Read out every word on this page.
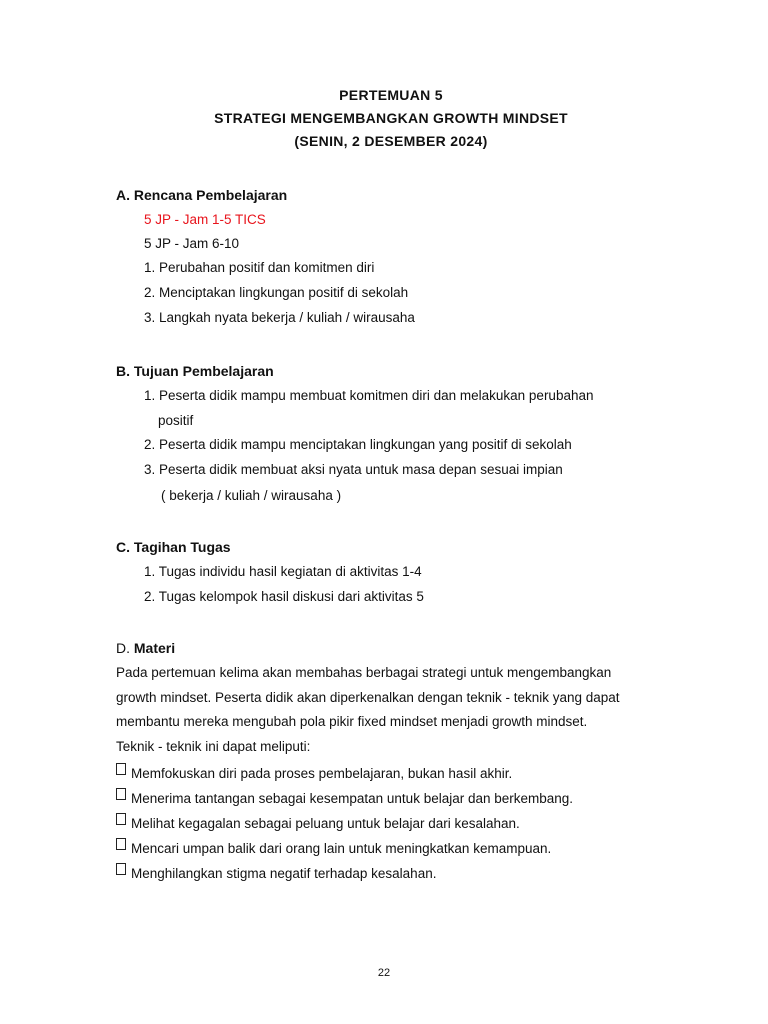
PERTEMUAN 5
STRATEGI MENGEMBANGKAN GROWTH MINDSET
(SENIN, 2 DESEMBER 2024)
A. Rencana Pembelajaran
5 JP - Jam 1-5 TICS
5 JP - Jam 6-10
1. Perubahan positif dan komitmen diri
2. Menciptakan lingkungan positif di sekolah
3. Langkah nyata bekerja / kuliah / wirausaha
B. Tujuan Pembelajaran
1. Peserta didik mampu membuat komitmen diri dan melakukan perubahan
positif
2. Peserta didik mampu menciptakan lingkungan yang positif di sekolah
3. Peserta didik membuat aksi nyata untuk masa depan sesuai impian
( bekerja / kuliah / wirausaha )
C. Tagihan Tugas
1. Tugas individu hasil kegiatan di aktivitas 1-4
2. Tugas kelompok hasil diskusi dari aktivitas 5
D. Materi
Pada pertemuan kelima akan membahas berbagai strategi untuk mengembangkan
growth mindset. Peserta didik akan diperkenalkan dengan teknik - teknik yang dapat
membantu mereka mengubah pola pikir fixed mindset menjadi growth mindset.
Teknik - teknik ini dapat meliputi:
Memfokuskan diri pada proses pembelajaran, bukan hasil akhir.
Menerima tantangan sebagai kesempatan untuk belajar dan berkembang.
Melihat kegagalan sebagai peluang untuk belajar dari kesalahan.
Mencari umpan balik dari orang lain untuk meningkatkan kemampuan.
Menghilangkan stigma negatif terhadap kesalahan.
22
